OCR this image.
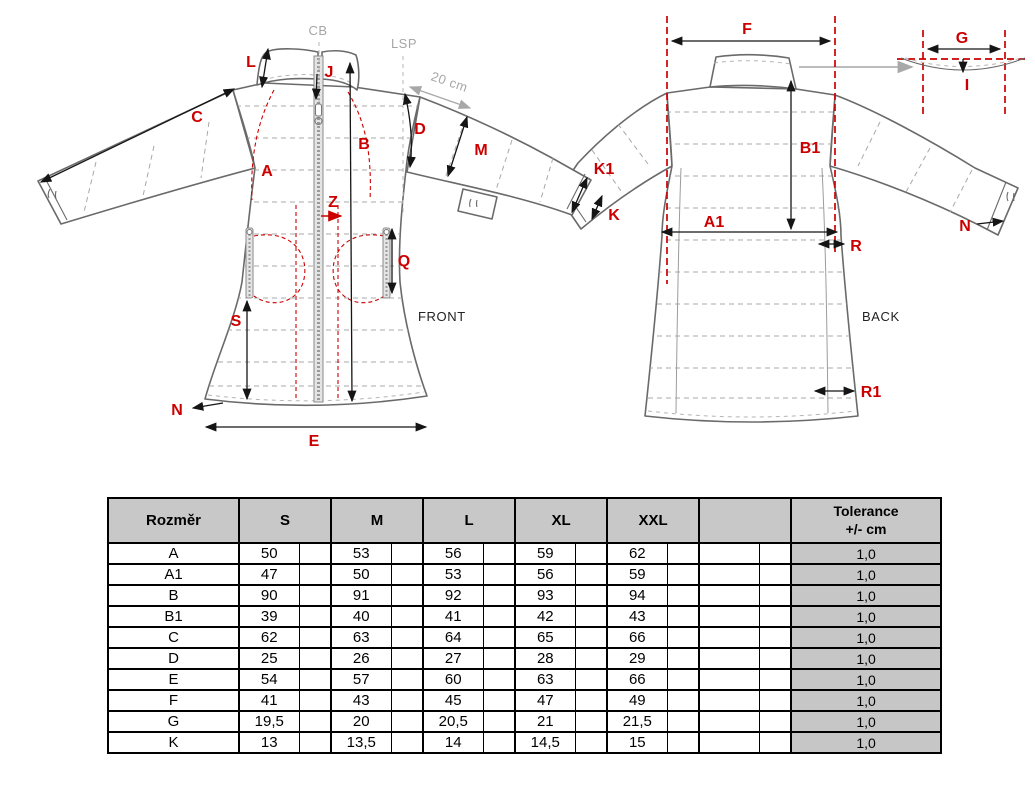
G
I
CB
LSP
20 cm
L
J
C
B
D
M
A
Z
Q
S
N
E
FRONT
F
B1
A1
R
R1
K1
K
N
BACK
Rozměr	S		M		L		XL		XXL				Tolerance
+/- cm

A	50		53		56		59		62				1,0
A1	47		50		53		56		59				1,0
B	90		91		92		93		94				1,0
B1	39		40		41		42		43				1,0
C	62		63		64		65		66				1,0
D	25		26		27		28		29				1,0
E	54		57		60		63		66				1,0
F	41		43		45		47		49				1,0
G	19,5		20		20,5		21		21,5				1,0
K	13		13,5		14		14,5		15				1,0
